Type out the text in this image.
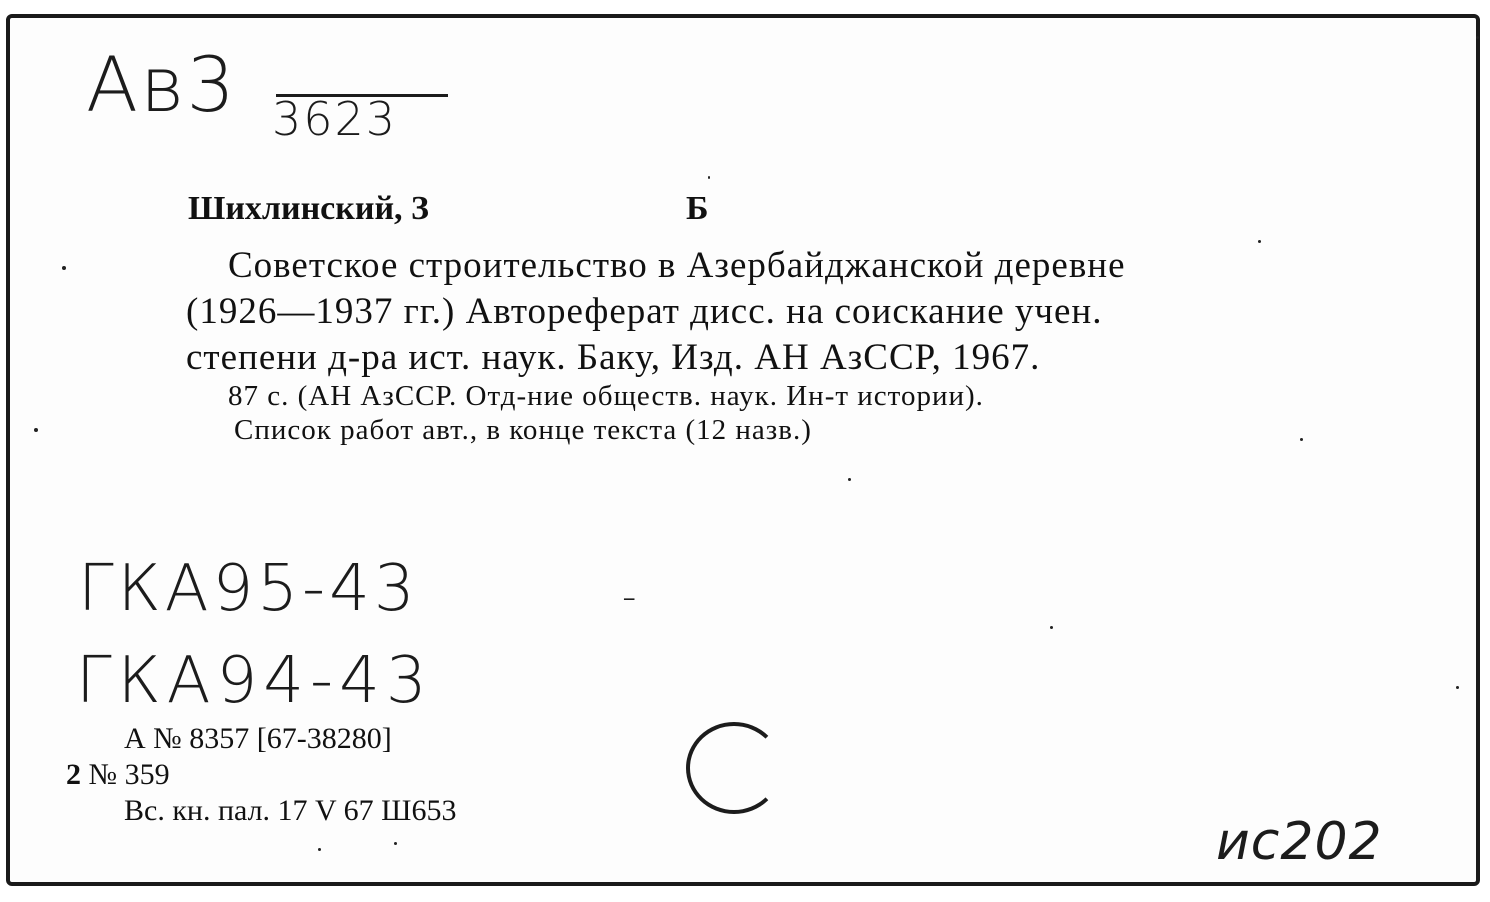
Ав3 3623
Шихлинский, З	Б
Советское строительство в Азербайджанской деревне
(1926—1937 гг.) Автореферат дисс. на соискание учен.
степени д-ра ист. наук. Баку, Изд. АН АзССР, 1967.
87 с. (АН АзССР. Отд-ние обществ. наук. Ин-т истории).
Список работ авт., в конце текста (12 назв.)
ГКА95-43	-
ГКА94-43
А № 8357 [67-38280]
2 № 359
Вс. кн. пал. 17 V 67 Ш653
ис202
